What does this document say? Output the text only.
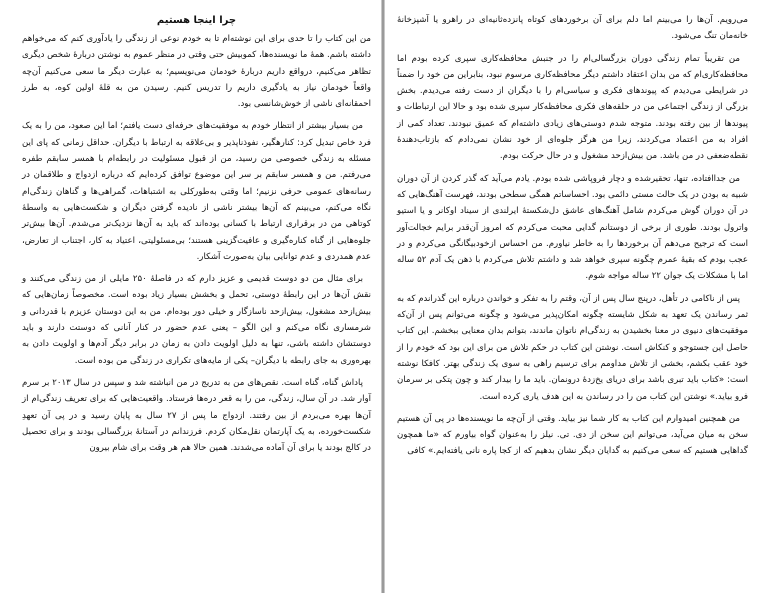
چرا اینجا هستیم

من این کتاب را تا حدی برای این نوشته‌ام تا به خودم نوعی از زندگی را یادآوری کنم که می‌خواهم داشته باشم. همهٔ ما نویسنده‌ها، کموبیش حتی وقتی در منظر عموم به نوشتن دربارهٔ شخص دیگری تظاهر می‌کنیم، درواقع داریم دربارهٔ خودمان می‌نویسیم؛ به عبارت دیگر ما سعی می‌کنیم آن‌چه واقعاً خودمان نیاز به یادگیری داریم را تدریس کنیم. رسیدن من به قلهٔ اولین کوه، به طرز احمقانه‌ای ناشی از خوش‌شانسی بود.

من بسیار بیشتر از انتظار خودم به موفقیت‌های حرفه‌ای دست یافتم؛ اما این صعود، من را به یک فرد خاص تبدیل کرد: کنارهگیر، نفوذناپذیر و بی‌علاقه به ارتباط با دیگران. حداقل زمانی که پای این مسئله به زندگی خصوصی من رسید، من از قبول مسئولیت در رابطه‌ام با همسر سابقم طفره می‌رفتم. من و همسر سابقم بر سر این موضوع توافق کرده‌ایم که درباره ازدواج و طلاقمان در رسانه‌های عمومی حرفی نزنیم؛ اما وقتی به‌طورکلی به اشتباهات، گمراهی‌ها و گناهان زندگی‌ام نگاه می‌کنم، می‌بینم که آن‌ها بیشتر ناشی از نادیده گرفتن دیگران و شکست‌هایی به واسطهٔ کوتاهی من در برقراری ارتباط با کسانی بوده‌اند که باید به آن‌ها نزدیک‌تر می‌شدم. آن‌ها بیش‌تر جلوه‌هایی از گناه کناره‌گیری و عافیت‌گزینی هستند؛ بی‌مسئولیتی، اعتیاد به کار، اجتناب از تعارض، عدم همدردی و عدم توانایی بیان به‌صورت آشکار.

برای مثال من دو دوست قدیمی و عزیز دارم که در فاصلهٔ ۲۵۰ مایلی از من زندگی می‌کنند و نقش آن‌ها در این رابطهٔ دوستی، تحمل و بخشش بسیار زیاد بوده است. مخصوصاً زمان‌هایی که بیش‌ازحد مشغول، بیش‌ازحد ناسازگار و خیلی دور بوده‌ام. من به این دوستان عزیزم با قدردانی و شرمساری نگاه می‌کنم و این الگو – یعنی عدم حضور در کنار آنانی که دوستت دارند و باید دوستشان داشته باشی، تنها به دلیل اولویت دادن به زمان در برابر دیگر آدم‌ها و اولویت دادن به بهره‌وری به جای رابطه با دیگران– یکی از مایه‌های تکراری در زندگی من بوده است.

پاداش گناه، گناه است. نقص‌های من به تدریج در من انباشته شد و سپس در سال ۲۰۱۳ بر سرم آوار شد. در آن سال، زندگی، من را به قعر دره‌ها فرستاد. واقعیت‌هایی که برای تعریف زندگی‌ام از آن‌ها بهره می‌بردم از بین رفتند. ازدواج ما پس از ۲۷ سال به پایان رسید و در پی آن تعهدِ شکست‌خورده، به یک آپارتمان نقل‌مکان کردم. فرزندانم در آستانهٔ بزرگسالی بودند و برای تحصیل در کالج بودند یا برای آن آماده می‌شدند. همین حالا هم هر وقت برای شام بیرون

می‌رویم. آن‌ها را می‌بینم اما دلم برای آن برخوردهای کوتاه پانزده‌ثانیه‌ای در راهرو یا آشپزخانهٔ خانه‌مان تنگ می‌شود.

من تقریباً تمام زندگی دوران بزرگسالی‌ام را در جنبش محافظه‌کاری سپری کرده بودم اما محافظه‌کاری‌ام که من بدان اعتقاد داشتم دیگر محافظه‌کاری مرسوم نبود، بنابراین من خود را ضمناً در شرایطی می‌دیدم که پیوندهای فکری و سیاسی‌ام را با دیگران از دست رفته می‌دیدم. بخش بزرگی از زندگی اجتماعی من در حلقه‌های فکری محافظه‌کار سپری شده بود و حالا این ارتباطات و پیوندها از بین رفته بودند. متوجه شدم دوستی‌های زیادی داشته‌ام که عمیق نبودند. تعداد کمی از افراد به من اعتماد می‌کردند، زیرا من هرگز جلوه‌ای از خود نشان نمی‌دادم که بازتاب‌دهندهٔ نقطه‌ضعفی در من باشد. من بیش‌ازحد مشغول و در حال حرکت بودم.

من جداافتاده، تنها، تحقیرشده و دچار فروپاشی شده بودم. یادم می‌آید که گذر کردن از آن دوران شبیه به بودن در یک حالت مستی دائمی بود. احساساتم همگی سطحی بودند، فهرست آهنگ‌هایی که در آن دوران گوش می‌کردم شامل آهنگ‌های عاشق دل‌شکستهٔ ایرلندی از سیناد اوکانر و یا استیو واترول بودند. طوری از برخی از دوستانم گدایی محبت می‌کردم که امروز آن‌قدر برایم خجالت‌آور است که ترجیح می‌دهم آن برخوردها را به خاطر نیاورم. من احساس ازخودبیگانگی می‌کردم و در عجب بودم که بقیهٔ عمرم چگونه سپری خواهد شد و داشتم تلاش می‌کردم با ذهن یک آدم ۵۲ ساله اما با مشکلات یک جوان ۲۲ ساله مواجه شوم.

پس از ناکامی در تأهل، درپنج سال پس از آن، وقتم را به تفکر و خواندن درباره این گذراندم که به ثمر رساندن یک تعهد به شکل شایسته چگونه امکان‌پذیر می‌شود و چگونه می‌توانم پس از آن‌که موفقیت‌های دنیوی در معنا بخشیدن به زندگی‌ام ناتوان ماندند، بتوانم بدان معنایی ببخشم. این کتاب حاصل این جستوجو و کنکاش است. نوشتن این کتاب در حکم تلاش من برای این بود که خودم را از خود عقب بکشم، بخشی از تلاش مداومم برای ترسیم راهی به سوی یک زندگی بهتر. کافکا نوشته است: «کتاب باید تبری باشد برای دریای یخ‌زدهٔ درونمان. باید ما را بیدار کند و چون پتکی بر سرمان فرو بیاید.» نوشتن این کتاب من را در رساندن به این هدف یاری کرده است.

من همچنین امیدوارم این کتاب به کار شما نیز بیاید. وقتی از آن‌چه ما نویسنده‌ها در پی آن هستیم سخن به میان می‌آید، می‌توانم این سخن از دی. تی. نیلز را به‌عنوان گواه بیاورم که «ما همچون گداهایی هستیم که سعی می‌کنیم به گدایان دیگر نشان بدهیم که از کجا پاره نانی یافته‌ایم.» کافی
